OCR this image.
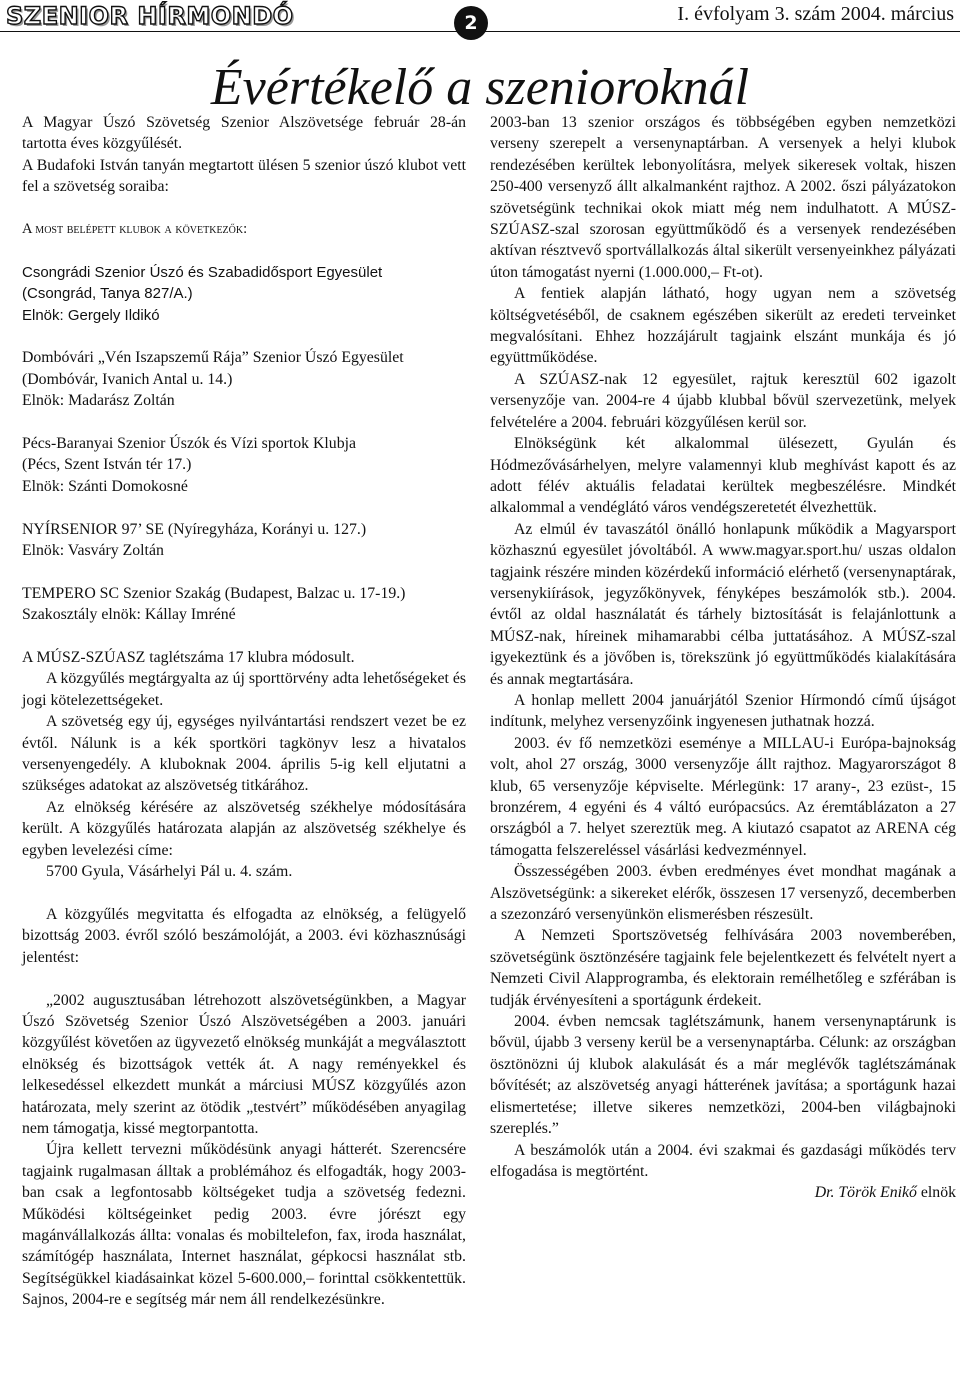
SZENIOR HÍRMONDÓ	2	I. évfolyam 3. szám 2004. március
Évértékelő a szenioroknál

A Magyar Úszó Szövetség Szenior Alszövetsége február 28-án tartotta éves közgyűlését.

A Budafoki István tanyán megtartott ülésen 5 szenior úszó klubot vett fel a szövetség soraiba:

A most belépett klubok a következők:

Csongrádi Szenior Úszó és Szabadidősport Egyesület

(Csongrád, Tanya 827/A.)

Elnök: Gergely Ildikó

Dombóvári „Vén Iszapszemű Rája” Szenior Úszó Egyesület

(Dombóvár, Ivanich Antal u. 14.)

Elnök: Madarász Zoltán

Pécs-Baranyai Szenior Úszók és Vízi sportok Klubja

(Pécs, Szent István tér 17.)

Elnök: Szánti Domokosné

NYÍRSENIOR 97’ SE (Nyíregyháza, Korányi u. 127.)

Elnök: Vasváry Zoltán

TEMPERO SC Szenior Szakág (Budapest, Balzac u. 17-19.)

Szakosztály elnök: Kállay Imréné

A MÚSZ-SZÚASZ taglétszáma 17 klubra módosult.

A közgyűlés megtárgyalta az új sporttörvény adta lehetőségeket és jogi kötelezettségeket.

A szövetség egy új, egységes nyilvántartási rendszert vezet be ez évtől. Nálunk is a kék sportköri tagkönyv lesz a hivatalos versenyengedély. A kluboknak 2004. április 5-ig kell eljutatni a szükséges adatokat az alszövetség titkárához.

Az elnökség kérésére az alszövetség székhelye módosítására került. A közgyűlés határozata alapján az alszövetség székhelye és egyben levelezési címe:

5700 Gyula, Vásárhelyi Pál u. 4. szám.

A közgyűlés megvitatta és elfogadta az elnökség, a felügyelő bizottság 2003. évről szóló beszámolóját, a 2003. évi közhasznúsági jelentést:

„2002 augusztusában létrehozott alszövetségünkben, a Magyar Úszó Szövetség Szenior Úszó Alszövetségében a 2003. januári közgyűlést követően az ügyvezető elnökség munkáját a megválasztott elnökség és bizottságok vették át. A nagy reményekkel és lelkesedéssel elkezdett munkát a márciusi MÚSZ közgyűlés azon határozata, mely szerint az ötödik „testvért” működésében anyagilag nem támogatja, kissé megtorpantotta.

Újra kellett tervezni működésünk anyagi hátterét. Szerencsére tagjaink rugalmasan álltak a problémához és elfogadták, hogy 2003-ban csak a legfontosabb költségeket tudja a szövetség fedezni. Működési költségeinket pedig 2003. évre jórészt egy magánvállalkozás állta: vonalas és mobiltelefon, fax, iroda használat, számítógép használata, Internet használat, gépkocsi használat stb. Segítségükkel kiadásainkat közel 5-600.000,– forinttal csökkentettük. Sajnos, 2004-re e segítség már nem áll rendelkezésünkre.

2003-ban 13 szenior országos és többségében egyben nemzetközi verseny szerepelt a versenynaptárban. A versenyek a helyi klubok rendezésében kerültek lebonyolításra, melyek sikeresek voltak, hiszen 250-400 versenyző állt alkalmanként rajthoz. A 2002. őszi pályázatokon szövetségünk technikai okok miatt még nem indulhatott. A MÚSZ-SZÚASZ-szal szorosan együttműködő és a versenyek rendezésében aktívan résztvevő sportvállalkozás által sikerült versenyeinkhez pályázati úton támogatást nyerni (1.000.000,– Ft-ot).

A fentiek alapján látható, hogy ugyan nem a szövetség költségvetéséből, de csaknem egészében sikerült az eredeti terveinket megvalósítani. Ehhez hozzájárult tagjaink elszánt munkája és jó együttműködése.

A SZÚASZ-nak 12 egyesület, rajtuk keresztül 602 igazolt versenyzője van. 2004-re 4 újabb klubbal bővül szervezetünk, melyek felvételére a 2004. februári közgyűlésen kerül sor.

Elnökségünk két alkalommal ülésezett, Gyulán és Hódmezővásárhelyen, melyre valamennyi klub meghívást kapott és az adott félév aktuális feladatai kerültek megbeszélésre. Mindkét alkalommal a vendéglátó város vendégszeretetét élvezhettük.

Az elmúl év tavaszától önálló honlapunk működik a Magyarsport közhasznú egyesület jóvoltából. A www.magyar.sport.hu/ uszas oldalon tagjaink részére minden közérdekű információ elérhető (versenynaptárak, versenykiírások, jegyzőkönyvek, fényképes beszámolók stb.). 2004. évtől az oldal használatát és tárhely biztosítását is felajánlottunk a MÚSZ-nak, híreinek mihamarabbi célba juttatásához. A MÚSZ-szal igyekeztünk és a jövőben is, törekszünk jó együttműködés kialakítására és annak megtartására.

A honlap mellett 2004 januárjától Szenior Hírmondó című újságot indítunk, melyhez versenyzőink ingyenesen juthatnak hozzá.

2003. év fő nemzetközi eseménye a MILLAU-i Európa-bajnokság volt, ahol 27 ország, 3000 versenyzője állt rajthoz. Magyarországot 8 klub, 65 versenyzője képviselte. Mérlegünk: 17 arany-, 23 ezüst-, 15 bronzérem, 4 egyéni és 4 váltó európacsúcs. Az éremtáblázaton a 27 országból a 7. helyet szereztük meg. A kiutazó csapatot az ARENA cég támogatta felszereléssel vásárlási kedvezménnyel.

Összességében 2003. évben eredményes évet mondhat magának a Alszövetségünk: a sikereket elérők, összesen 17 versenyző, decemberben a szezonzáró versenyünkön elismerésben részesült.

A Nemzeti Sportszövetség felhívására 2003 novemberében, szövetségünk ösztönzésére tagjaink fele bejelentkezett és felvételt nyert a Nemzeti Civil Alapprogramba, és elektorain remélhetőleg e szférában is tudják érvényesíteni a sportágunk érdekeit.

2004. évben nemcsak taglétszámunk, hanem versenynaptárunk is bővül, újabb 3 verseny kerül be a versenynaptárba. Célunk: az országban ösztönözni új klubok alakulását és a már meglévők taglétszámának bővítését; az alszövetség anyagi hátterének javítása; a sportágunk hazai elismertetése; illetve sikeres nemzetközi, 2004-ben világbajnoki szereplés.”

A beszámolók után a 2004. évi szakmai és gazdasági működés terv elfogadása is megtörtént.

Dr. Török Enikő elnök
